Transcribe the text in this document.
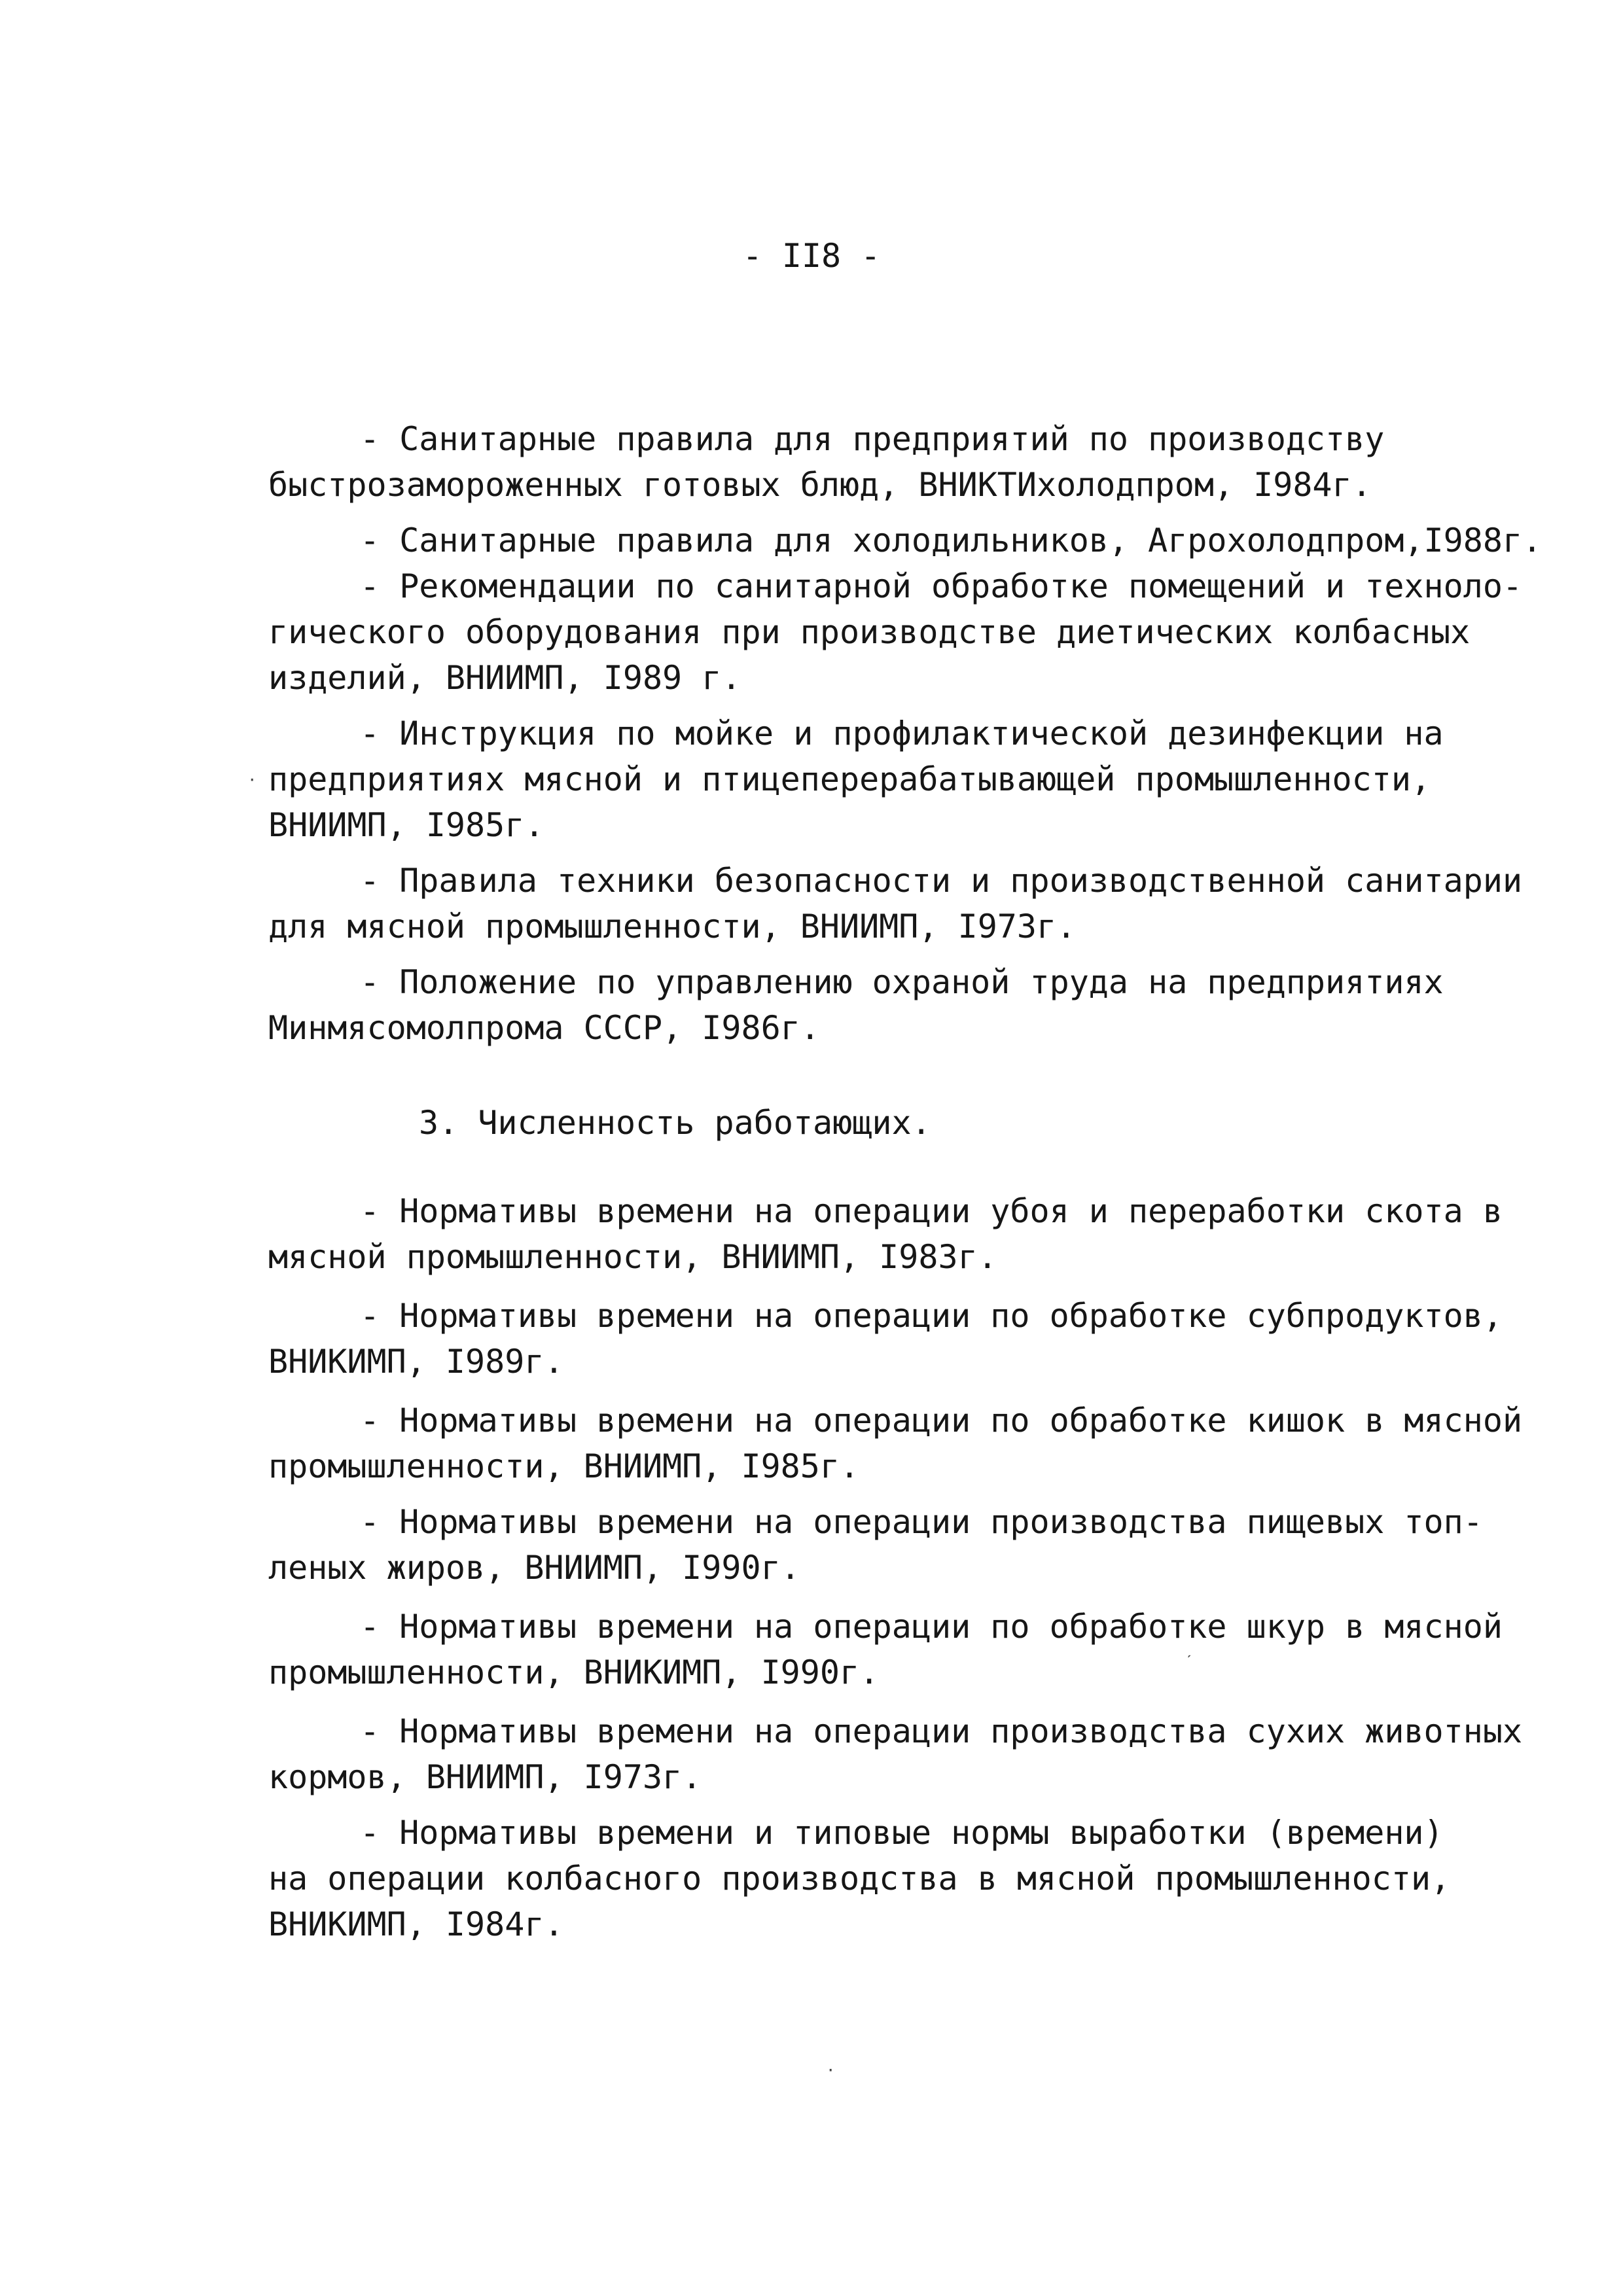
- II8 -
- Санитарные правила для предприятий по производству
быстрозамороженных готовых блюд, ВНИКТИхолодпром, I984г.
- Санитарные правила для холодильников, Агрохолодпром,I988г.
- Рекомендации по санитарной обработке помещений и техноло-
гического оборудования при производстве диетических колбасных
изделий, ВНИИМП, I989 г.
- Инструкция по мойке и профилактической дезинфекции на
предприятиях мясной и птицеперерабатывающей промышленности,
ВНИИМП, I985г.
- Правила техники безопасности и производственной санитарии
для мясной промышленности, ВНИИМП, I973г.
- Положение по управлению охраной труда на предприятиях
Минмясомолпрома СССР, I986г.
3. Численность работающих.
- Нормативы времени на операции убоя и переработки скота в
мясной промышленности, ВНИИМП, I983г.
- Нормативы времени на операции по обработке субпродуктов,
ВНИКИМП, I989г.
- Нормативы времени на операции по обработке кишок в мясной
промышленности, ВНИИМП, I985г.
- Нормативы времени на операции производства пищевых топ-
леных жиров, ВНИИМП, I990г.
- Нормативы времени на операции по обработке шкур в мясной
промышленности, ВНИКИМП, I990г.
- Нормативы времени на операции производства сухих животных
кормов, ВНИИМП, I973г.
- Нормативы времени и типовые нормы выработки (времени)
на операции колбасного производства в мясной промышленности,
ВНИКИМП, I984г.
·
ˊ
·
